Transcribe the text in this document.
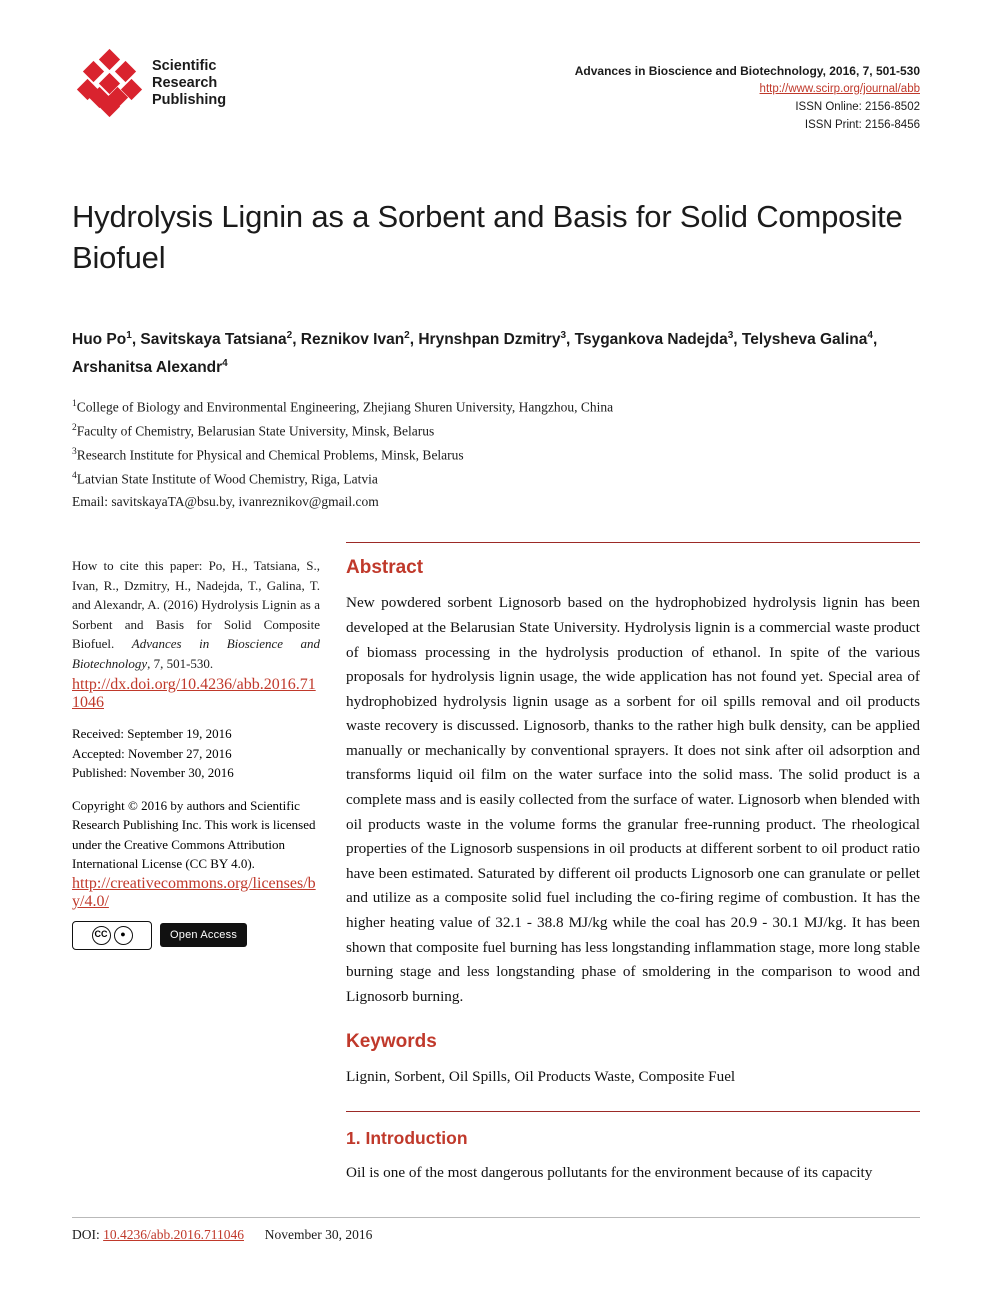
Scientific
Research
Publishing
Advances in Bioscience and Biotechnology, 2016, 7, 501-530
http://www.scirp.org/journal/abb
ISSN Online: 2156-8502
ISSN Print: 2156-8456
Hydrolysis Lignin as a Sorbent and Basis for Solid Composite Biofuel
Huo Po$^1$, Savitskaya Tatsiana$^2$, Reznikov Ivan$^2$, Hrynshpan Dzmitry$^3$, Tsygankova Nadejda$^3$, Telysheva Galina$^4$, Arshanitsa Alexandr$^4$
$^1$College of Biology and Environmental Engineering, Zhejiang Shuren University, Hangzhou, China
$^2$Faculty of Chemistry, Belarusian State University, Minsk, Belarus
$^3$Research Institute for Physical and Chemical Problems, Minsk, Belarus
$^4$Latvian State Institute of Wood Chemistry, Riga, Latvia
Email: savitskayaTA@bsu.by, ivanreznikov@gmail.com
How to cite this paper: Po, H., Tatsiana, S., Ivan, R., Dzmitry, H., Nadejda, T., Galina, T. and Alexandr, A. (2016) Hydrolysis Lignin as a Sorbent and Basis for Solid Composite Biofuel. Advances in Bioscience and Biotechnology, 7, 501-530.
http://dx.doi.org/10.4236/abb.2016.711046
Received: September 19, 2016
Accepted: November 27, 2016
Published: November 30, 2016
Copyright © 2016 by authors and Scientific Research Publishing Inc. This work is licensed under the Creative Commons Attribution International License (CC BY 4.0).
http://creativecommons.org/licenses/by/4.0/
CC	●	Open Access
Abstract
New powdered sorbent Lignosorb based on the hydrophobized hydrolysis lignin has been developed at the Belarusian State University. Hydrolysis lignin is a commercial waste product of biomass processing in the hydrolysis production of ethanol. In spite of the various proposals for hydrolysis lignin usage, the wide application has not found yet. Special area of hydrophobized hydrolysis lignin usage as a sorbent for oil spills removal and oil products waste recovery is discussed. Lignosorb, thanks to the rather high bulk density, can be applied manually or mechanically by conventional sprayers. It does not sink after oil adsorption and transforms liquid oil film on the water surface into the solid mass. The solid product is a complete mass and is easily collected from the surface of water. Lignosorb when blended with oil products waste in the volume forms the granular free-running product. The rheological properties of the Lignosorb suspensions in oil products at different sorbent to oil product ratio have been estimated. Saturated by different oil products Lignosorb one can granulate or pellet and utilize as a composite solid fuel including the co-firing regime of combustion. It has the higher heating value of 32.1 - 38.8 MJ/kg while the coal has 20.9 - 30.1 MJ/kg. It has been shown that composite fuel burning has less longstanding inflammation stage, more long stable burning stage and less longstanding phase of smoldering in the comparison to wood and Lignosorb burning.
Keywords
Lignin, Sorbent, Oil Spills, Oil Products Waste, Composite Fuel
1. Introduction
Oil is one of the most dangerous pollutants for the environment because of its capacity
DOI: 10.4236/abb.2016.711046 November 30, 2016
